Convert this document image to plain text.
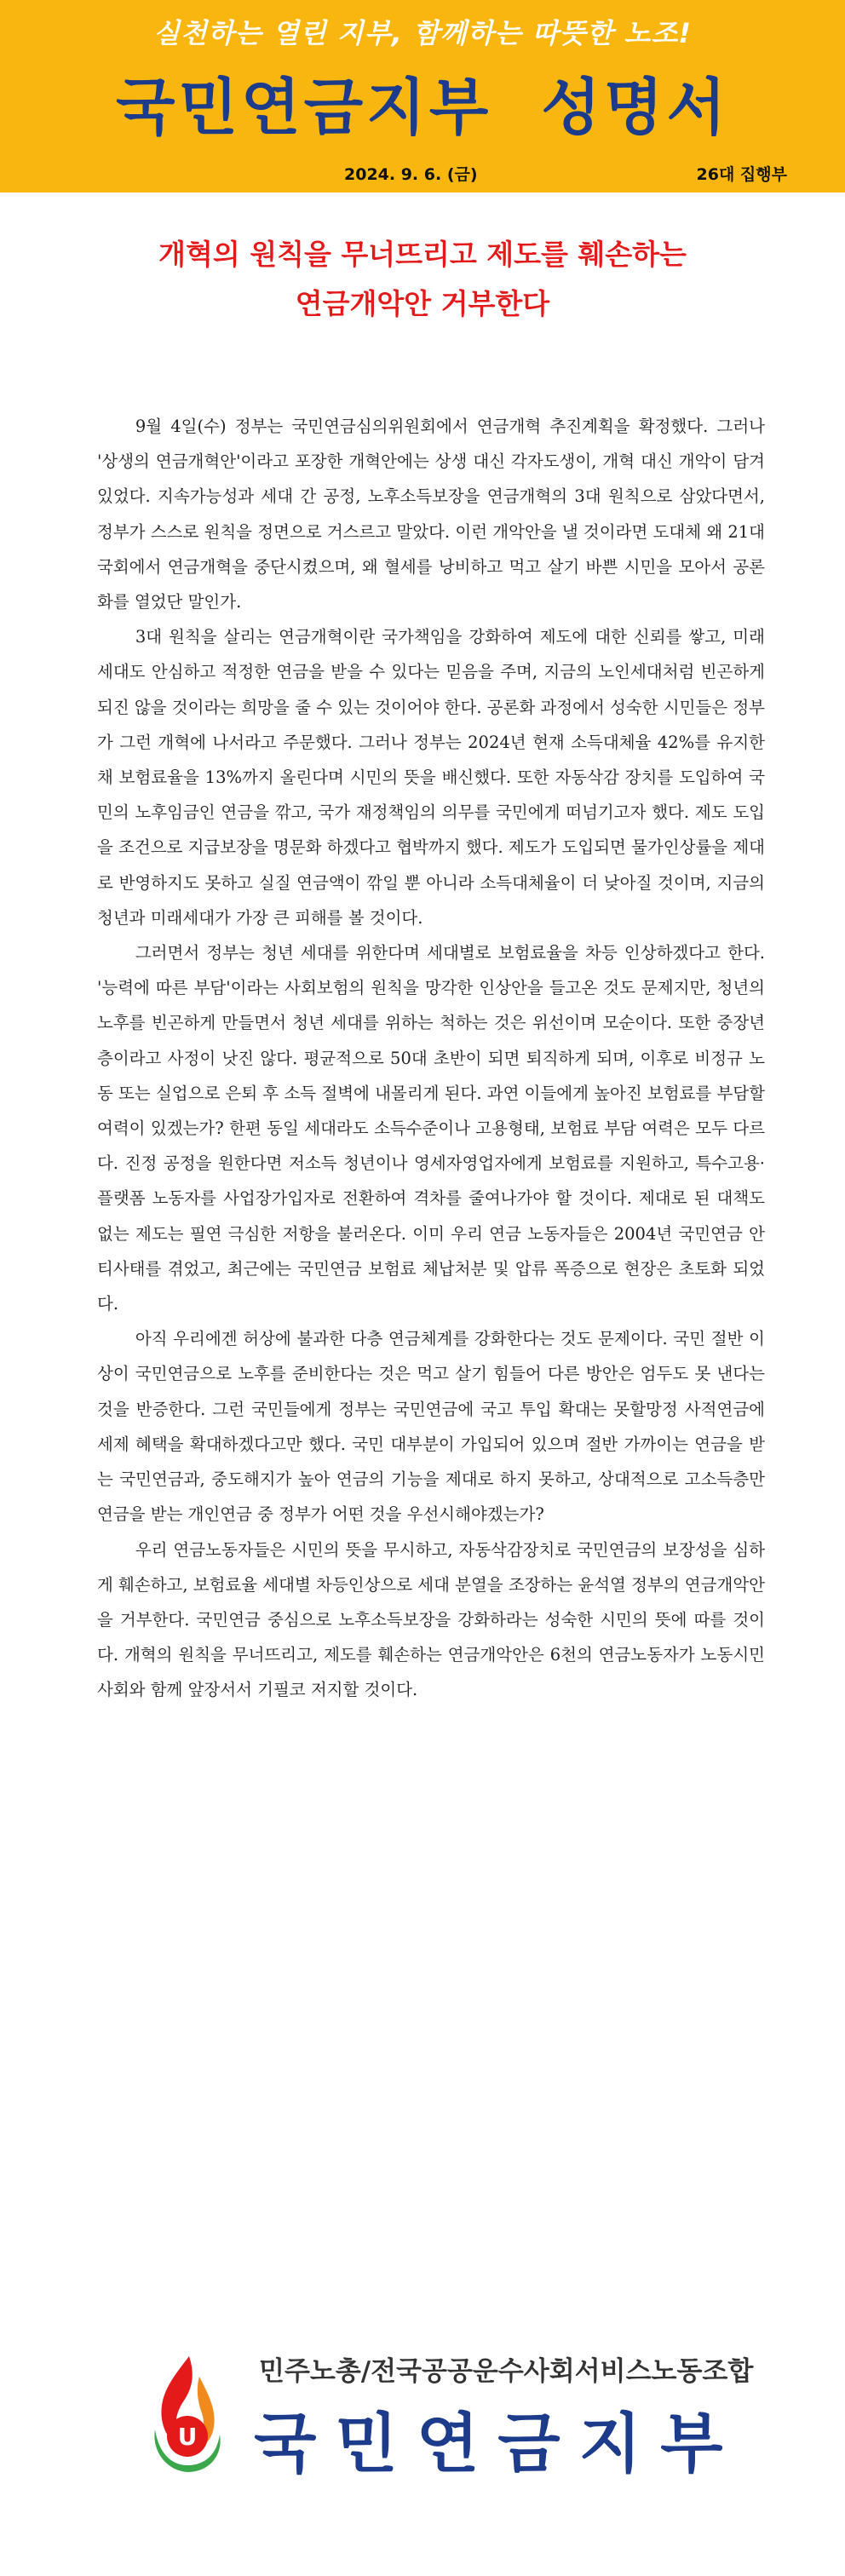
실천하는 열린 지부, 함께하는 따뜻한 노조!
국민연금지부  성명서
2024. 9. 6. (금)	26대 집행부
개혁의 원칙을 무너뜨리고 제도를 훼손하는
연금개악안 거부한다

9월 4일(수) 정부는 국민연금심의위원회에서 연금개혁 추진계획을 확정했다. 그러나 '상생의 연금개혁안'이라고 포장한 개혁안에는 상생 대신 각자도생이, 개혁 대신 개악이 담겨있었다. 지속가능성과 세대 간 공정, 노후소득보장을 연금개혁의 3대 원칙으로 삼았다면서, 정부가 스스로 원칙을 정면으로 거스르고 말았다. 이런 개악안을 낼 것이라면 도대체 왜 21대 국회에서 연금개혁을 중단시켰으며, 왜 혈세를 낭비하고 먹고 살기 바쁜 시민을 모아서 공론화를 열었단 말인가.

3대 원칙을 살리는 연금개혁이란 국가책임을 강화하여 제도에 대한 신뢰를 쌓고, 미래세대도 안심하고 적정한 연금을 받을 수 있다는 믿음을 주며, 지금의 노인세대처럼 빈곤하게 되진 않을 것이라는 희망을 줄 수 있는 것이어야 한다. 공론화 과정에서 성숙한 시민들은 정부가 그런 개혁에 나서라고 주문했다. 그러나 정부는 2024년 현재 소득대체율 42%를 유지한 채 보험료율을 13%까지 올린다며 시민의 뜻을 배신했다. 또한 자동삭감 장치를 도입하여 국민의 노후임금인 연금을 깎고, 국가 재정책임의 의무를 국민에게 떠넘기고자 했다. 제도 도입을 조건으로 지급보장을 명문화 하겠다고 협박까지 했다. 제도가 도입되면 물가인상률을 제대로 반영하지도 못하고 실질 연금액이 깎일 뿐 아니라 소득대체율이 더 낮아질 것이며, 지금의 청년과 미래세대가 가장 큰 피해를 볼 것이다.

그러면서 정부는 청년 세대를 위한다며 세대별로 보험료율을 차등 인상하겠다고 한다. '능력에 따른 부담'이라는 사회보험의 원칙을 망각한 인상안을 들고온 것도 문제지만, 청년의 노후를 빈곤하게 만들면서 청년 세대를 위하는 척하는 것은 위선이며 모순이다. 또한 중장년층이라고 사정이 낫진 않다. 평균적으로 50대 초반이 되면 퇴직하게 되며, 이후로 비정규 노동 또는 실업으로 은퇴 후 소득 절벽에 내몰리게 된다. 과연 이들에게 높아진 보험료를 부담할 여력이 있겠는가? 한편 동일 세대라도 소득수준이나 고용형태, 보험료 부담 여력은 모두 다르다. 진정 공정을 원한다면 저소득 청년이나 영세자영업자에게 보험료를 지원하고, 특수고용·플랫폼 노동자를 사업장가입자로 전환하여 격차를 줄여나가야 할 것이다. 제대로 된 대책도 없는 제도는 필연 극심한 저항을 불러온다. 이미 우리 연금 노동자들은 2004년 국민연금 안티사태를 겪었고, 최근에는 국민연금 보험료 체납처분 및 압류 폭증으로 현장은 초토화 되었다.

아직 우리에겐 허상에 불과한 다층 연금체계를 강화한다는 것도 문제이다. 국민 절반 이상이 국민연금으로 노후를 준비한다는 것은 먹고 살기 힘들어 다른 방안은 엄두도 못 낸다는 것을 반증한다. 그런 국민들에게 정부는 국민연금에 국고 투입 확대는 못할망정 사적연금에 세제 혜택을 확대하겠다고만 했다. 국민 대부분이 가입되어 있으며 절반 가까이는 연금을 받는 국민연금과, 중도해지가 높아 연금의 기능을 제대로 하지 못하고, 상대적으로 고소득층만 연금을 받는 개인연금 중 정부가 어떤 것을 우선시해야겠는가?

우리 연금노동자들은 시민의 뜻을 무시하고, 자동삭감장치로 국민연금의 보장성을 심하게 훼손하고, 보험료율 세대별 차등인상으로 세대 분열을 조장하는 윤석열 정부의 연금개악안을 거부한다. 국민연금 중심으로 노후소득보장을 강화하라는 성숙한 시민의 뜻에 따를 것이다. 개혁의 원칙을 무너뜨리고, 제도를 훼손하는 연금개악안은 6천의 연금노동자가 노동시민사회와 함께 앞장서서 기필코 저지할 것이다.

U
민주노총/전국공공운수사회서비스노동조합
국민연금지부
